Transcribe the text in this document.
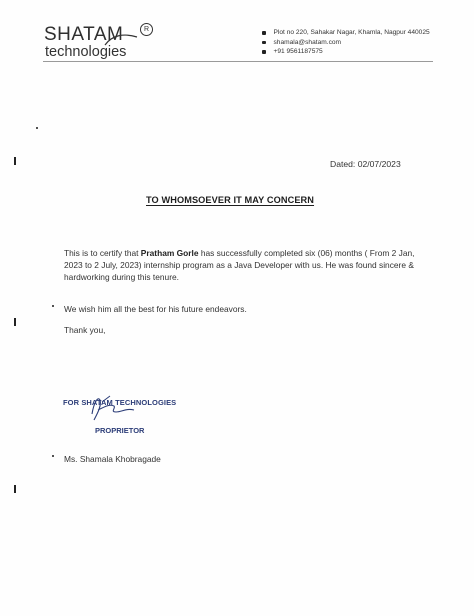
SHATAM	R
technologies
Plot no 220, Sahakar Nagar, Khamla, Nagpur 440025
shamala@shatam.com
+91 9561187575
Dated: 02/07/2023
TO WHOMSOEVER IT MAY CONCERN
This is to certify that Pratham Gorle has successfully completed six (06) months ( From 2 Jan, 2023 to 2 July, 2023) internship program as a Java Developer with us. He was found sincere & hardworking during this tenure.
We wish him all the best for his future endeavors.
Thank you,
FOR SHATAM TECHNOLOGIES
PROPRIETOR
Ms. Shamala Khobragade
